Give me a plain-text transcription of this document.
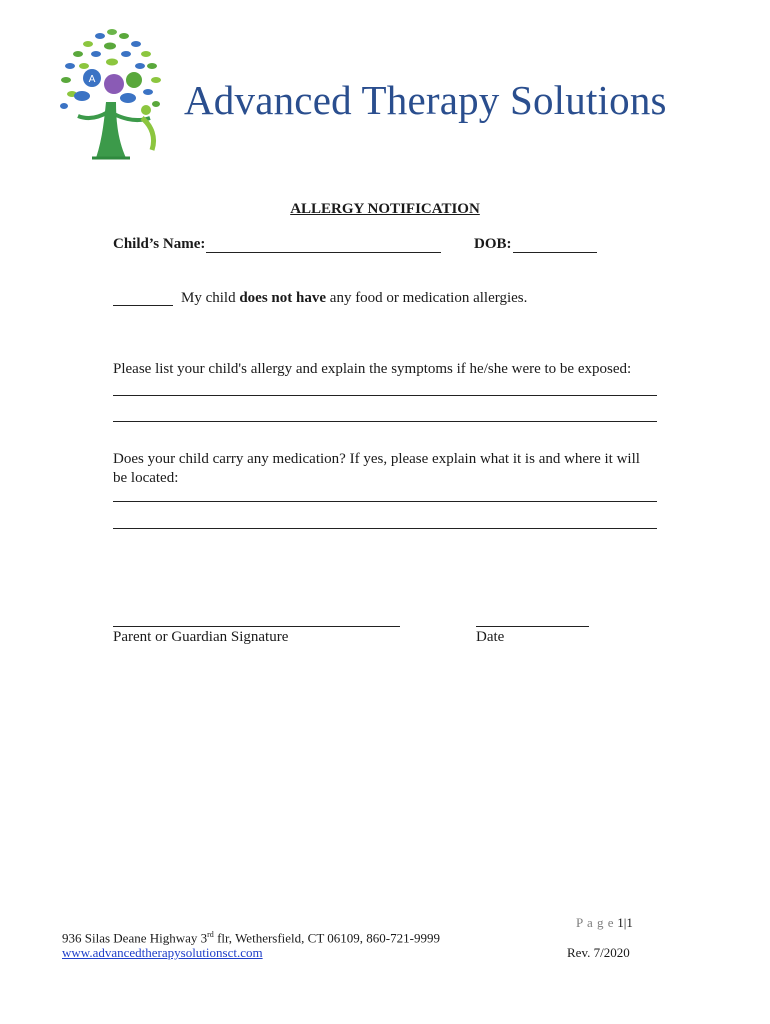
A Advanced Therapy Solutions
ALLERGY NOTIFICATION
Child’s Name:	DOB:
My child does not have any food or medication allergies.
Please list your child's allergy and explain the symptoms if he/she were to be exposed:
Does your child carry any medication? If yes, please explain what it is and where it will
be located:
Parent or Guardian Signature	Date
P a g e 1|1
936 Silas Deane Highway 3rd flr, Wethersfield, CT 06109, 860-721-9999
www.advancedtherapysolutionsct.com	Rev. 7/2020
